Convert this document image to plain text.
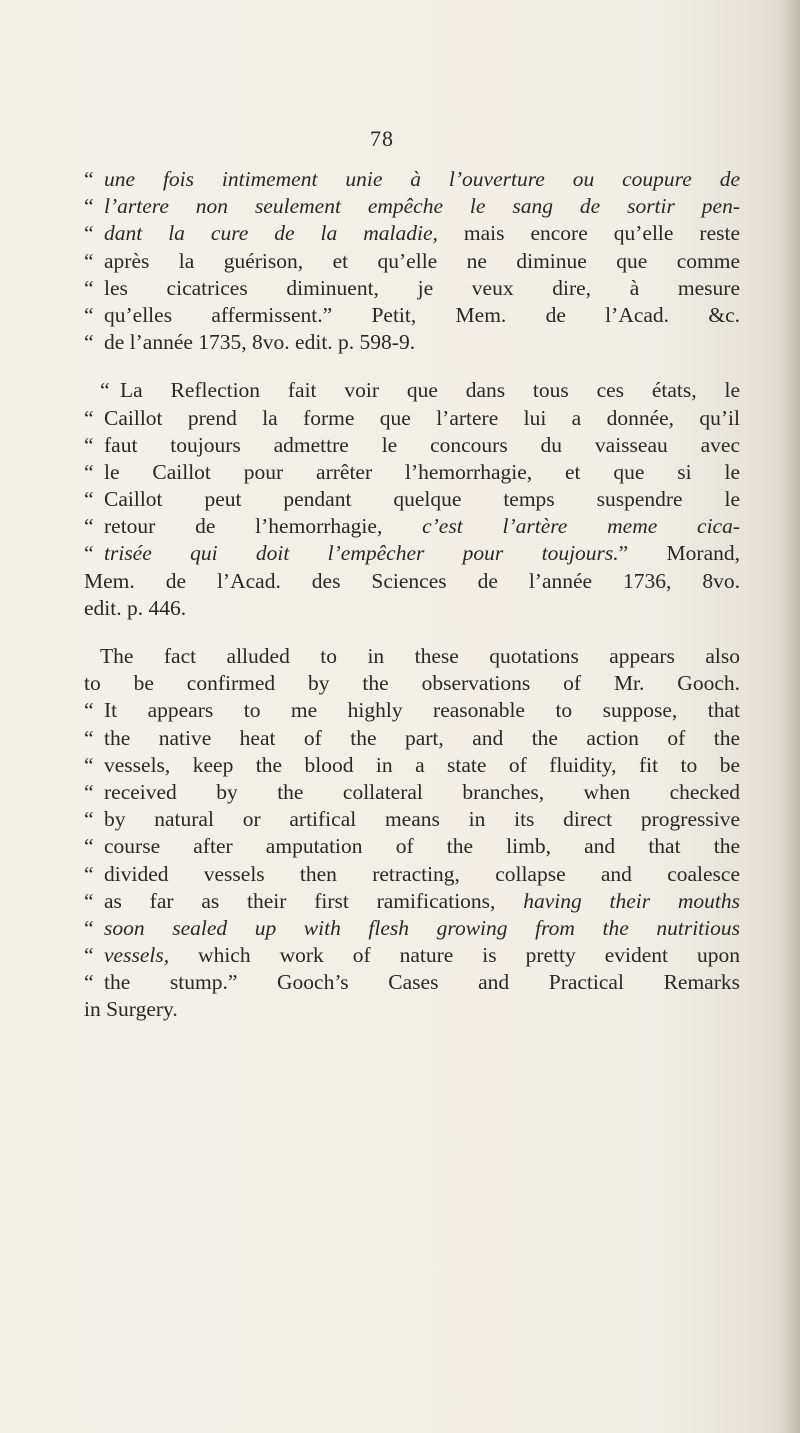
78
“ une fois intimement unie à l’ouverture ou coupure de
“ l’artere non seulement empêche le sang de sortir pen-
“ dant la cure de la maladie, mais encore qu’elle reste
“ après la guérison, et qu’elle ne diminue que comme
“ les cicatrices diminuent, je veux dire, à mesure
“ qu’elles affermissent.” Petit, Mem. de l’Acad. &c.
“ de l’année 1735, 8vo. edit. p. 598-9.
“ La Reflection fait voir que dans tous ces états, le
“ Caillot prend la forme que l’artere lui a donnée, qu’il
“ faut toujours admettre le concours du vaisseau avec
“ le Caillot pour arrêter l’hemorrhagie, et que si le
“ Caillot peut pendant quelque temps suspendre le
“ retour de l’hemorrhagie, c’est l’artère meme cica-
“ trisée qui doit l’empêcher pour toujours.” Morand,
Mem. de l’Acad. des Sciences de l’année 1736, 8vo.
edit. p. 446.
The fact alluded to in these quotations appears also
to be confirmed by the observations of Mr. Gooch.
“ It appears to me highly reasonable to suppose, that
“ the native heat of the part, and the action of the
“ vessels, keep the blood in a state of fluidity, fit to be
“ received by the collateral branches, when checked
“ by natural or artifical means in its direct progressive
“ course after amputation of the limb, and that the
“ divided vessels then retracting, collapse and coalesce
“ as far as their first ramifications, having their mouths
“ soon sealed up with flesh growing from the nutritious
“ vessels, which work of nature is pretty evident upon
“ the stump.” Gooch’s Cases and Practical Remarks
in Surgery.
